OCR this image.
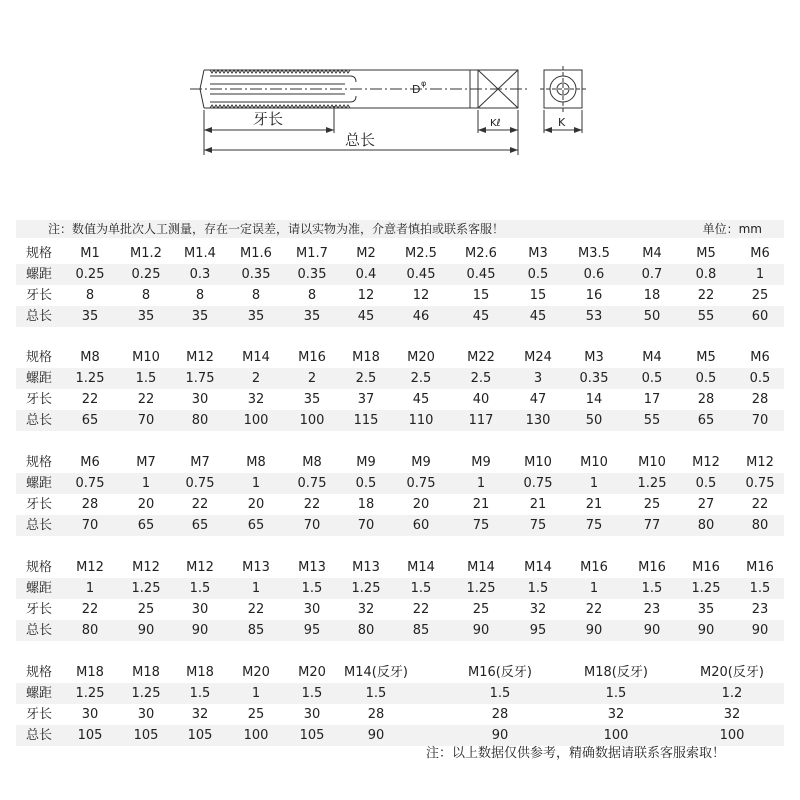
牙长
总长
D φ
Kℓ	K
注：数值为单批次人工测量，存在一定误差，请以实物为准，介意者慎拍或联系客服！	单位：mm
规格 M1 M1.2 M1.4 M1.6 M1.7 M2 M2.5 M2.6 M3 M3.5 M4	M5	M6
螺距 0.25 0.25 0.3 0.35 0.35 0.4 0.45 0.45 0.5	0.6	0.7	0.8	1
牙长	8	8	8	8	8	12	12	15	15	16	18	22	25
总长 35	35	35	35	35	45	46	45	45	53	50	55	60
规格 M8 M10 M12 M14 M16 M18 M20 M22 M24 M3	M4	M5	M6
螺距 1.25 1.5 1.75	2	2	2.5	2.5	2.5	3	0.35	0.5	0.5	0.5
牙长 22	22	30	32	35	37	45	40	47	14	17	28	28
总长 65	70	80	100 100 115 110	117 130	50	55	65	70
规格 M6	M7	M7	M8	M8	M9	M9	M9	M10 M10 M10 M12 M12
螺距 0.75	1	0.75	1	0.75 0.5 0.75	1	0.75	1	1.25 0.5 0.75
牙长 28	20	22	20	22	18	20	21	21	21	25	27	22
总长 70	65	65	65	70	70	60	75	75	75	77	80	80
规格 M12 M12 M12 M13 M13 M13 M14 M14 M14 M16 M16 M16 M16
螺距	1	1.25 1.5	1	1.5 1.25 1.5	1.25 1.5	1	1.5 1.25 1.5
牙长 22	25	30	22	30	32	22	25	32	22	23	35	23
总长 80	90	90	85	95	80	85	90	95	90	90	90	90
规格 M18 M18 M18 M20 M20 M14(反牙)	M16(反牙)	M18(反牙)	M20(反牙)
螺距 1.25 1.25 1.5	1	1.5	1.5	1.5	1.5	1.2
牙长 30	30	32	25	30	28	28	32	32
总长 105 105 105 100 105	90	90	100	100
注：以上数据仅供参考，精确数据请联系客服索取！
